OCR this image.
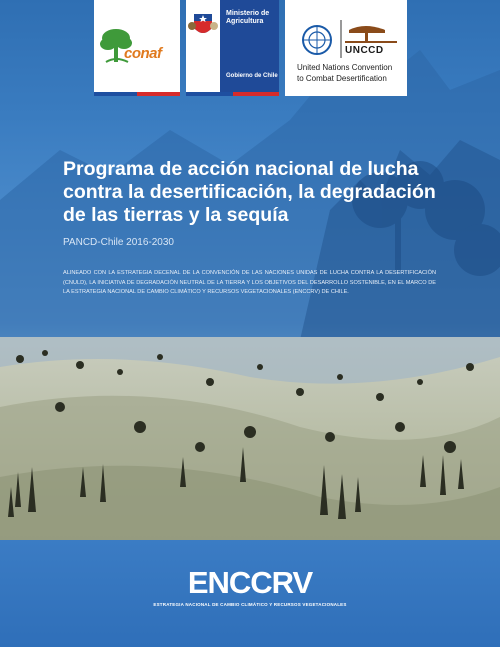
conaf
Ministerio de Agricultura
Gobierno de Chile
UNCCD
United Nations Convention
to Combat Desertification
Programa de acción nacional de lucha contra la desertificación, la degradación de las tierras y la sequía
PANCD-Chile 2016-2030

ALINEADO CON LA ESTRATEGIA DECENAL DE LA CONVENCIÓN DE LAS NACIONES UNIDAS DE LUCHA CONTRA LA DESERTIFICACIÓN (CNULD), LA INICIATIVA DE DEGRADACIÓN NEUTRAL DE LA TIERRA Y LOS OBJETIVOS DEL DESARROLLO SOSTENIBLE, EN EL MARCO DE LA ESTRATEGIA NACIONAL DE CAMBIO CLIMÁTICO Y RECURSOS VEGETACIONALES (ENCCRV) DE CHILE.

ENCCRV
ESTRATEGIA NACIONAL DE CAMBIO CLIMÁTICO Y RECURSOS VEGETACIONALES
